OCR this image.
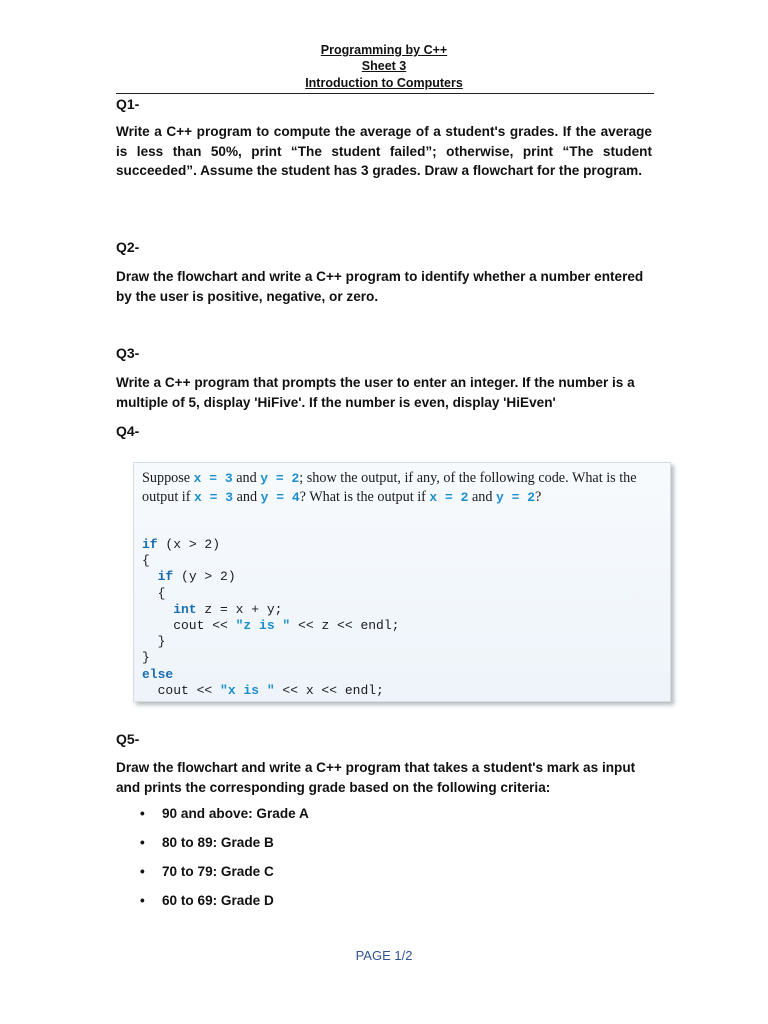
Programming by C++
Sheet 3
Introduction to Computers
Q1-
Write a C++ program to compute the average of a student's grades. If the average is less than 50%, print “The student failed”; otherwise, print “The student succeeded”. Assume the student has 3 grades. Draw a flowchart for the program.
Q2-
Draw the flowchart and write a C++ program to identify whether a number entered by the user is positive, negative, or zero.
Q3-
Write a C++ program that prompts the user to enter an integer. If the number is a multiple of 5, display 'HiFive'. If the number is even, display 'HiEven'
Q4-
Suppose x = 3 and y = 2; show the output, if any, of the following code. What is the output if x = 3 and y = 4? What is the output if x = 2 and y = 2?
if (x > 2)
{
if (y > 2)
{
int z = x + y;
cout << "z is " << z << endl;
}
}
else
cout << "x is " << x << endl;
Q5-
Draw the flowchart and write a C++ program that takes a student's mark as input and prints the corresponding grade based on the following criteria:
•	90 and above: Grade A
•	80 to 89: Grade B
•	70 to 79: Grade C
•	60 to 69: Grade D
PAGE 1/2
